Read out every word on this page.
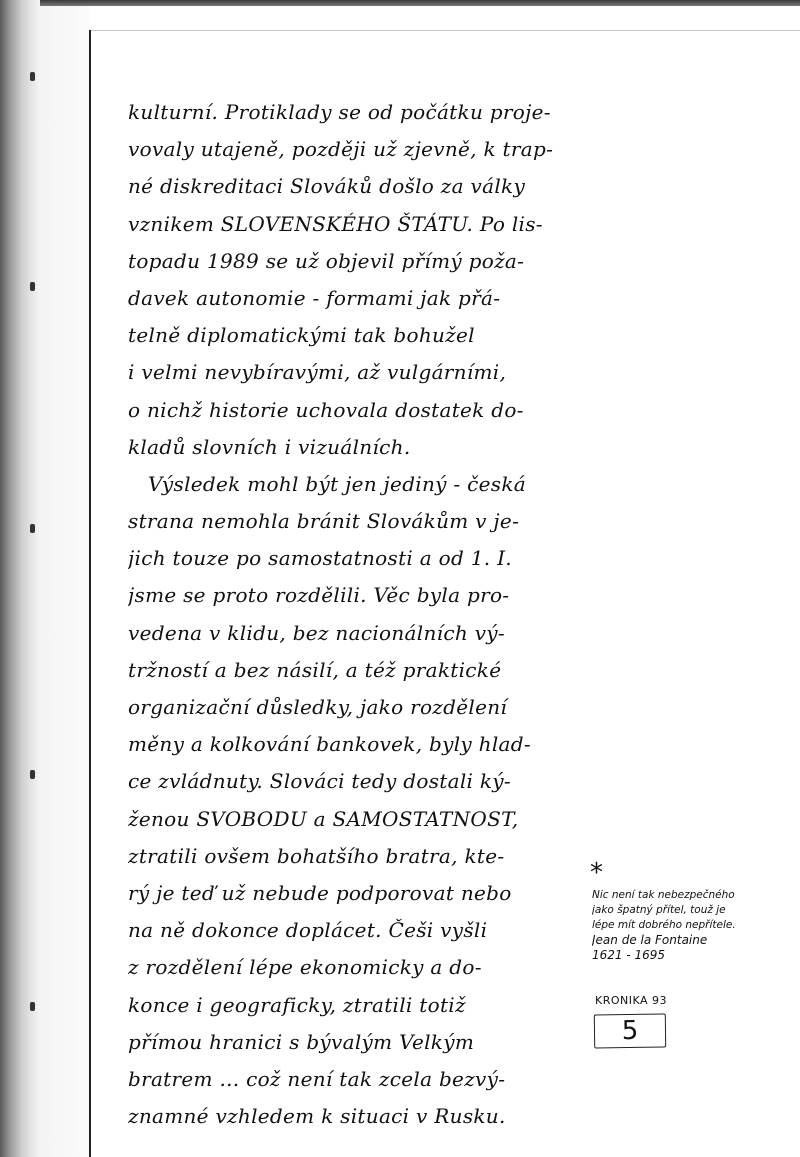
kulturní. Protiklady se od počátku proje-
vovaly utajeně, později už zjevně, k trap-
né diskreditaci Slováků došlo za války
vznikem SLOVENSKÉHO ŠTÁTU. Po lis-
topadu 1989 se už objevil přímý poža-
davek autonomie - formami jak přá-
telně diplomatickými tak bohužel
i velmi nevybíravými, až vulgárními,
o nichž historie uchovala dostatek do-
kladů slovních i vizuálních.
Výsledek mohl být jen jediný - česká
strana nemohla bránit Slovákům v je-
jich touze po samostatnosti a od 1. I.
jsme se proto rozdělili. Věc byla pro-
vedena v klidu, bez nacionálních vý-
tržností a bez násilí, a též praktické
organizační důsledky, jako rozdělení
měny a kolkování bankovek, byly hlad-
ce zvládnuty. Slováci tedy dostali ký-
ženou SVOBODU a SAMOSTATNOST,
ztratili ovšem bohatšího bratra, kte-
rý je teď už nebude podporovat nebo
na ně dokonce doplácet. Češi vyšli
z rozdělení lépe ekonomicky a do-
konce i geograficky, ztratili totiž
přímou hranici s bývalým Velkým
bratrem ... což není tak zcela bezvý-
znamné vzhledem k situaci v Rusku.
*
Nic není tak nebezpečného
jako špatný přítel, touž je
lépe mít dobrého nepřítele.
Jean de la Fontaine
1621 - 1695
KRONIKA 93
5
